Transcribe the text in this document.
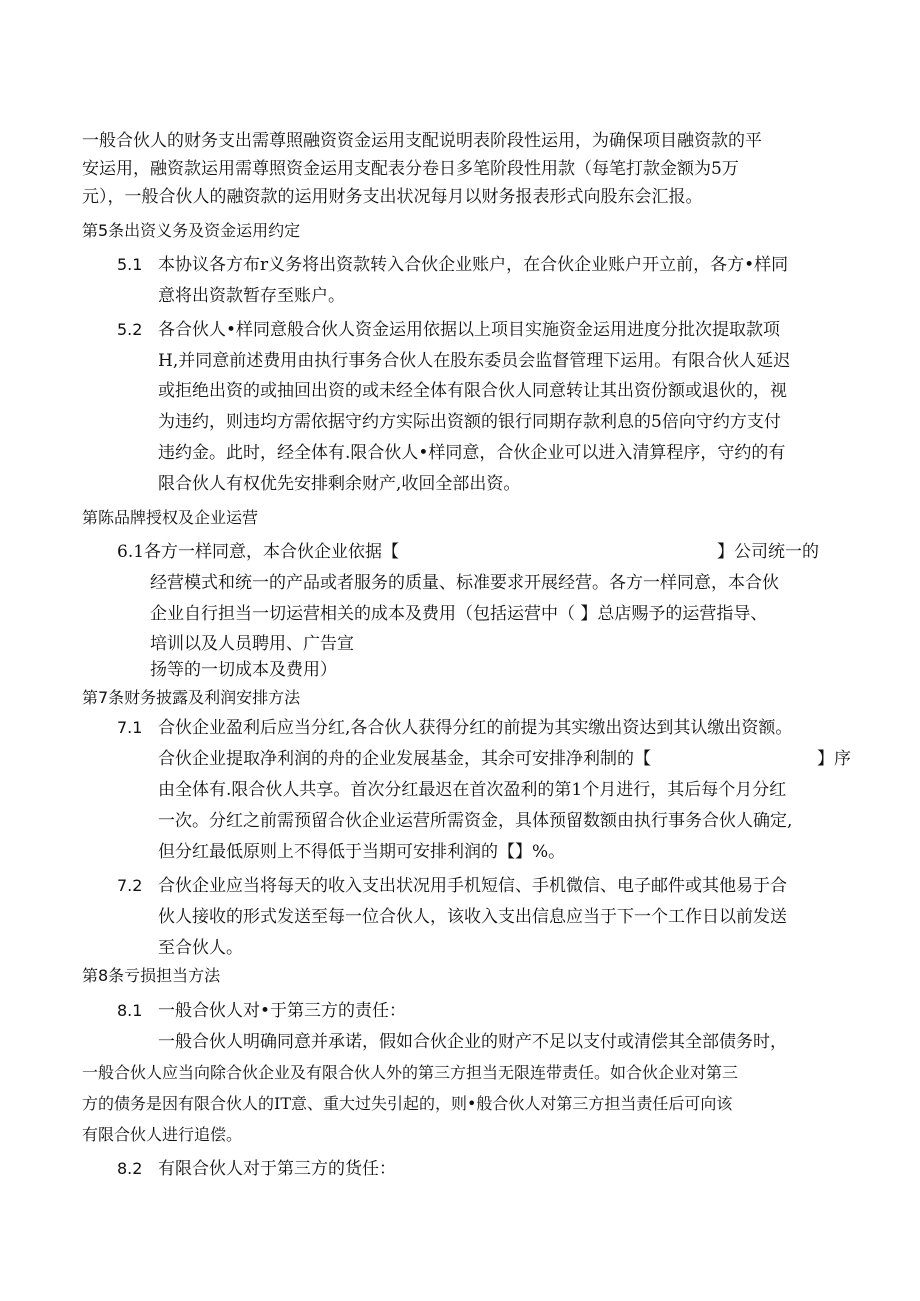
一般合伙人的财务支出需尊照融资资金运用支配说明表阶段性运用，为确保项目融资款的平
安运用，融资款运用需尊照资金运用支配表分卷日多笔阶段性用款（每笔打款金额为5万
元），一般合伙人的融资款的运用财务支出状况每月以财务报表形式向股东会汇报。
第5条出资义务及资金运用约定
5.1 本协议各方布r义务将出资款转入合伙企业账户，在合伙企业账户开立前，各方•样同
意将出资款暂存至账户。
5.2 各合伙人•样同意般合伙人资金运用依据以上项目实施资金运用进度分批次提取款项
H,并同意前述费用由执行事务合伙人在股东委员会监督管理下运用。有限合伙人延迟
或拒绝出资的或抽回出资的或未经全体有限合伙人同意转让其出资份额或退伙的，视
为违约，则违均方需依据守约方实际出资额的银行同期存款利息的5倍向守约方支付
违约金。此时，经全体有.限合伙人•样同意，合伙企业可以进入清算程序，守约的有
限合伙人有权优先安排剩余财产,收回全部出资。
第陈品牌授权及企业运营
6.1各方一样同意，本合伙企业依据【	】公司统一的
经营模式和统一的产品或者服务的质量、标准要求开展经营。各方一样同意，本合伙
企业自行担当一切运营相关的成本及费用（包括运营中（ 】总店赐予的运营指导、
培训以及人员聘用、广告宣
扬等的一切成本及费用）
第7条财务披露及利润安排方法
7.1 合伙企业盈利后应当分红,各合伙人获得分红的前提为其实缴出资达到其认缴出资额。
合伙企业提取净利润的舟的企业发展基金，其余可安排净利制的【	】序
由全体有.限合伙人共享。首次分红最迟在首次盈利的第1个月进行，其后每个月分红
一次。分红之前需预留合伙企业运营所需资金，具体预留数额由执行事务合伙人确定,
但分红最低原则上不得低于当期可安排利润的【】%。
7.2 合伙企业应当将每天的收入支出状况用手机短信、手机微信、电子邮件或其他易于合
伙人接收的形式发送至每一位合伙人，该收入支出信息应当于下一个工作日以前发送
至合伙人。
第8条亏损担当方法
8.1 一般合伙人对•于第三方的责任：
一般合伙人明确同意并承诺，假如合伙企业的财产不足以支付或清偿其全部债务时，
一般合伙人应当向除合伙企业及有限合伙人外的第三方担当无限连带责任。如合伙企业对第三
方的债务是因有限合伙人的IT意、重大过失引起的，则•般合伙人对第三方担当责任后可向该
有限合伙人进行追偿。
8.2 有限合伙人对于第三方的货任：
